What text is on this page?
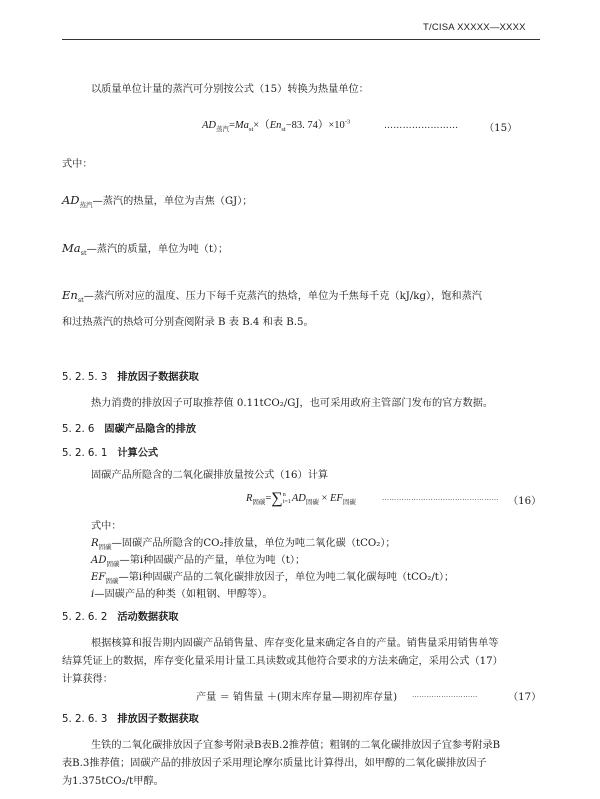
T/CISA XXXXX—XXXX
以质量单位计量的蒸汽可分别按公式（15）转换为热量单位：
$AD_{蒸汽}=Ma_{st}\times(En_{st}-83$. $74)\times 10^{-3}$	……………………	（15）
式中：
$AD_{蒸汽}—$蒸汽的热量，单位为吉焦（GJ）；
$Ma_{st}—$蒸汽的质量，单位为吨（t）；
$En_{st}—$蒸汽所对应的温度、压力下每千克蒸汽的热焓，单位为千焦每千克（kJ/kg），饱和蒸汽
和过热蒸汽的热焓可分别查阅附录 B 表 B.4 和表 B.5。
5. 2. 5. 3 排放因子数据获取
热力消费的排放因子可取推荐值 0.11tCO₂/GJ，也可采用政府主管部门发布的官方数据。
5. 2. 6 固碳产品隐含的排放
5. 2. 6. 1 计算公式
固碳产品所隐含的二氧化碳排放量按公式（16）计算
$R_{固碳}=\sum n$
$i=1AD_{固碳} \times EF_{固碳}$
………………………………………… （16）
式中：
$R_{固碳}—$固碳产品所隐含的CO₂排放量，单位为吨二氧化碳（tCO₂）；
$AD_{固碳}—$第i种固碳产品的产量，单位为吨（t）；
$EF_{固碳}—$第i种固碳产品的二氧化碳排放因子，单位为吨二氧化碳每吨（tCO₂/t）；
i—固碳产品的种类（如粗钢、甲醇等）。
5. 2. 6. 2 活动数据获取
根据核算和报告期内固碳产品销售量、库存变化量来确定各自的产量。销售量采用销售单等
结算凭证上的数据，库存变化量采用计量工具读数或其他符合要求的方法来确定，采用公式（17）
计算获得：
产量 ＝ 销售量 ＋(期末库存量—期初库存量) ………………………	（17）
5. 2. 6. 3 排放因子数据获取
生铁的二氧化碳排放因子宜参考附录B表B.2推荐值；粗钢的二氧化碳排放因子宜参考附录B
表B.3推荐值；固碳产品的排放因子采用理论摩尔质量比计算得出，如甲醇的二氧化碳排放因子
为1.375tCO₂/t甲醇。
